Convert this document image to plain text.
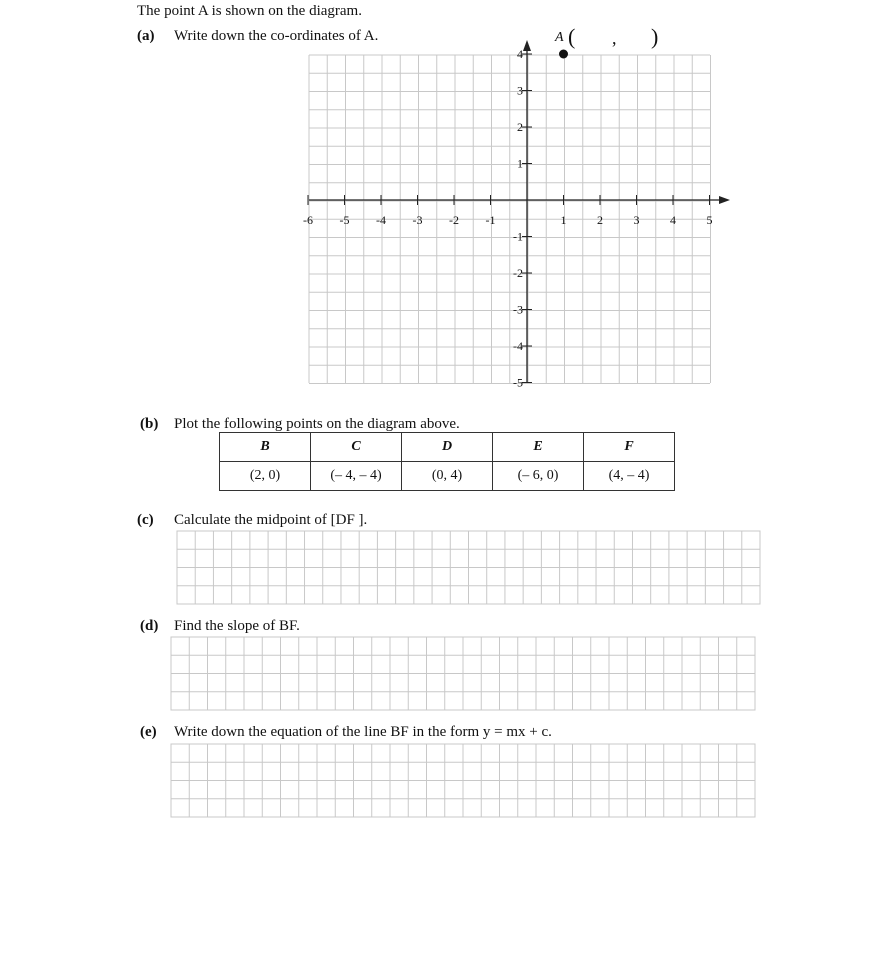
The point A is shown on the diagram.
(a) Write down the co-ordinates of A.	A ( , )
(b) Plot the following points on the diagram above.
B	C	D	E	F
(2, 0)	(– 4, – 4)	(0, 4)	(– 6, 0)	(4, – 4)
(c) Calculate the midpoint of [DF ].
(d) Find the slope of BF.
(e) Write down the equation of the line BF in the form y = mx + c.
-6 -5 -4 -3 -2 -1	1	2	3	4	5
4
3
2
1
-1
-2
-3
-4
-5
